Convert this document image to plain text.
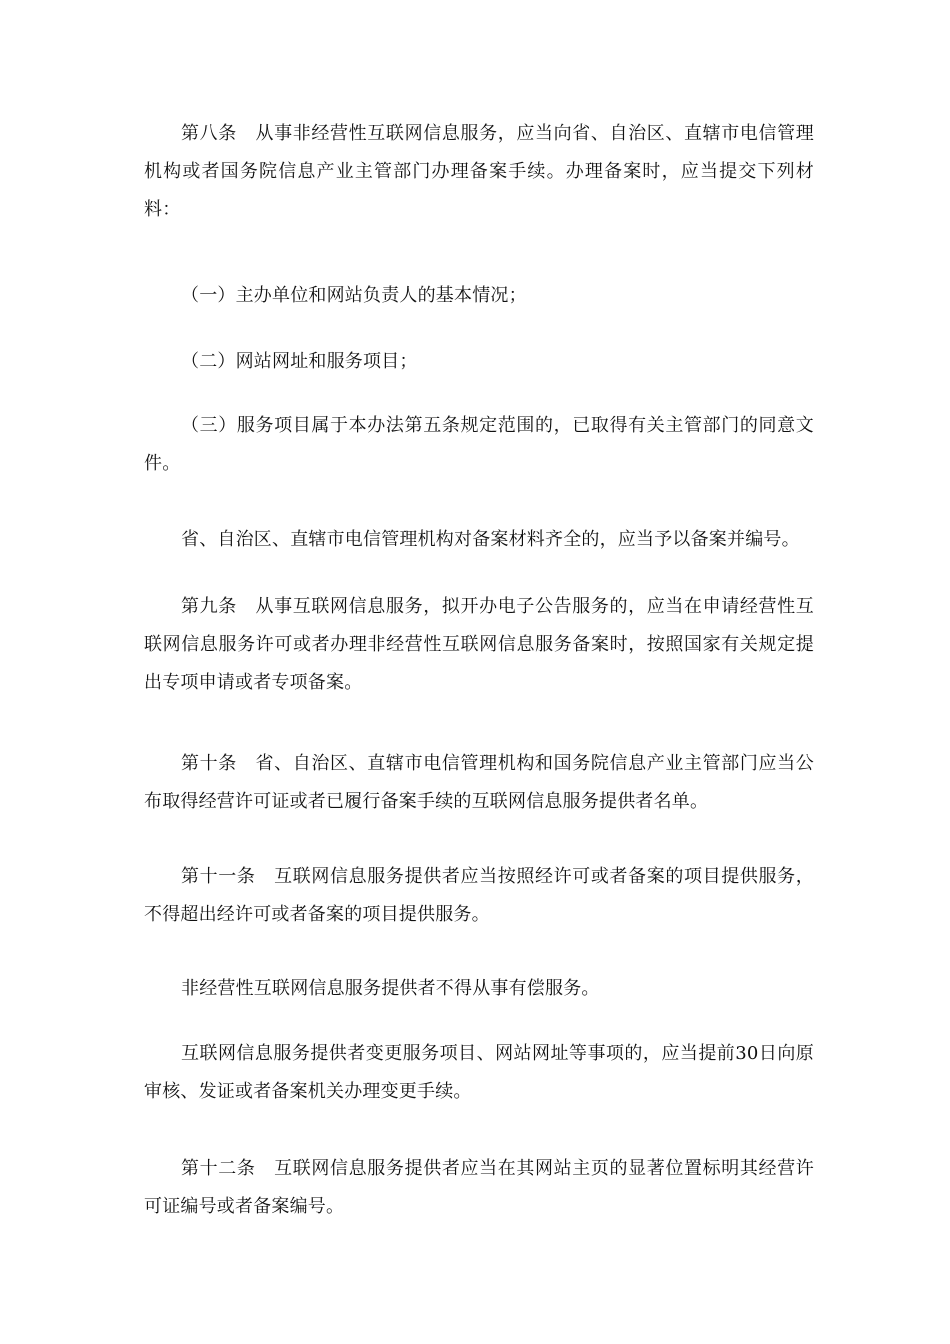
第八条　从事非经营性互联网信息服务，应当向省、自治区、直辖市电信管理机构或者国务院信息产业主管部门办理备案手续。办理备案时，应当提交下列材料：

（一）主办单位和网站负责人的基本情况；

（二）网站网址和服务项目；

（三）服务项目属于本办法第五条规定范围的，已取得有关主管部门的同意文件。

省、自治区、直辖市电信管理机构对备案材料齐全的，应当予以备案并编号。

第九条　从事互联网信息服务，拟开办电子公告服务的，应当在申请经营性互联网信息服务许可或者办理非经营性互联网信息服务备案时，按照国家有关规定提出专项申请或者专项备案。

第十条　省、自治区、直辖市电信管理机构和国务院信息产业主管部门应当公布取得经营许可证或者已履行备案手续的互联网信息服务提供者名单。

第十一条　互联网信息服务提供者应当按照经许可或者备案的项目提供服务，不得超出经许可或者备案的项目提供服务。

非经营性互联网信息服务提供者不得从事有偿服务。

互联网信息服务提供者变更服务项目、网站网址等事项的，应当提前30日向原审核、发证或者备案机关办理变更手续。

第十二条　互联网信息服务提供者应当在其网站主页的显著位置标明其经营许可证编号或者备案编号。
